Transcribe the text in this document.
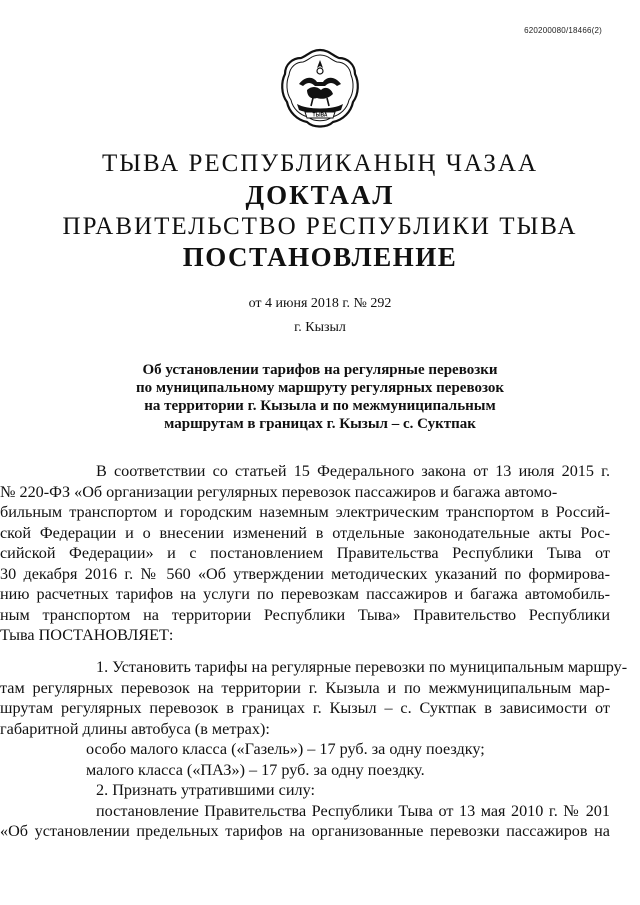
620200080/18466(2)
ТЫВА
ТЫВА РЕСПУБЛИКАНЫҢ ЧАЗАА
ДОКТААЛ
ПРАВИТЕЛЬСТВО РЕСПУБЛИКИ ТЫВА
ПОСТАНОВЛЕНИЕ
от 4 июня 2018 г. № 292
г. Кызыл
Об установлении тарифов на регулярные перевозки
по муниципальному маршруту регулярных перевозок
на территории г. Кызыла и по межмуниципальным
маршрутам в границах г. Кызыл – с. Суктпак
В соответствии со статьей 15 Федерального закона от 13 июля 2015 г.
№ 220-ФЗ «Об организации регулярных перевозок пассажиров и багажа автомо-
бильным транспортом и городским наземным электрическим транспортом в Россий-
ской Федерации и о внесении изменений в отдельные законодательные акты Рос-
сийской Федерации» и с постановлением Правительства Республики Тыва от
30 декабря 2016 г. № 560 «Об утверждении методических указаний по формирова-
нию расчетных тарифов на услуги по перевозкам пассажиров и багажа автомобиль-
ным транспортом на территории Республики Тыва» Правительство Республики
Тыва ПОСТАНОВЛЯЕТ:
1. Установить тарифы на регулярные перевозки по муниципальным маршру-
там регулярных перевозок на территории г. Кызыла и по межмуниципальным мар-
шрутам регулярных перевозок в границах г. Кызыл – с. Суктпак в зависимости от
габаритной длины автобуса (в метрах):
особо малого класса («Газель») – 17 руб. за одну поездку;
малого класса («ПАЗ») – 17 руб. за одну поездку.
2. Признать утратившими силу:
постановление Правительства Республики Тыва от 13 мая 2010 г. № 201
«Об установлении предельных тарифов на организованные перевозки пассажиров на
